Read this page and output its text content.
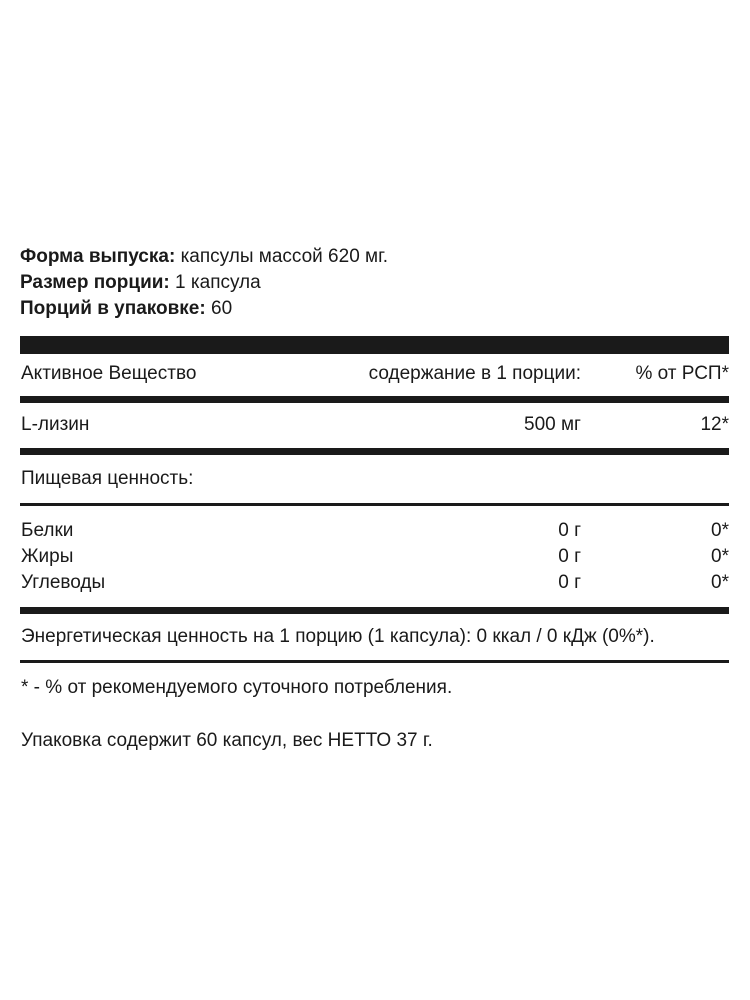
Форма выпуска: капсулы массой 620 мг.
Размер порции: 1 капсула
Порций в упаковке: 60
Активное Вещество	содержание в 1 порции:	% от РСП*
L-лизин	500 мг	12*
Пищевая ценность:
Белки	0 г	0*
Жиры	0 г	0*
Углеводы	0 г	0*
Энергетическая ценность на 1 порцию (1 капсула): 0 ккал / 0 кДж (0%*).
* - % от рекомендуемого суточного потребления.
Упаковка содержит 60 капсул, вес НЕТТО 37 г.
